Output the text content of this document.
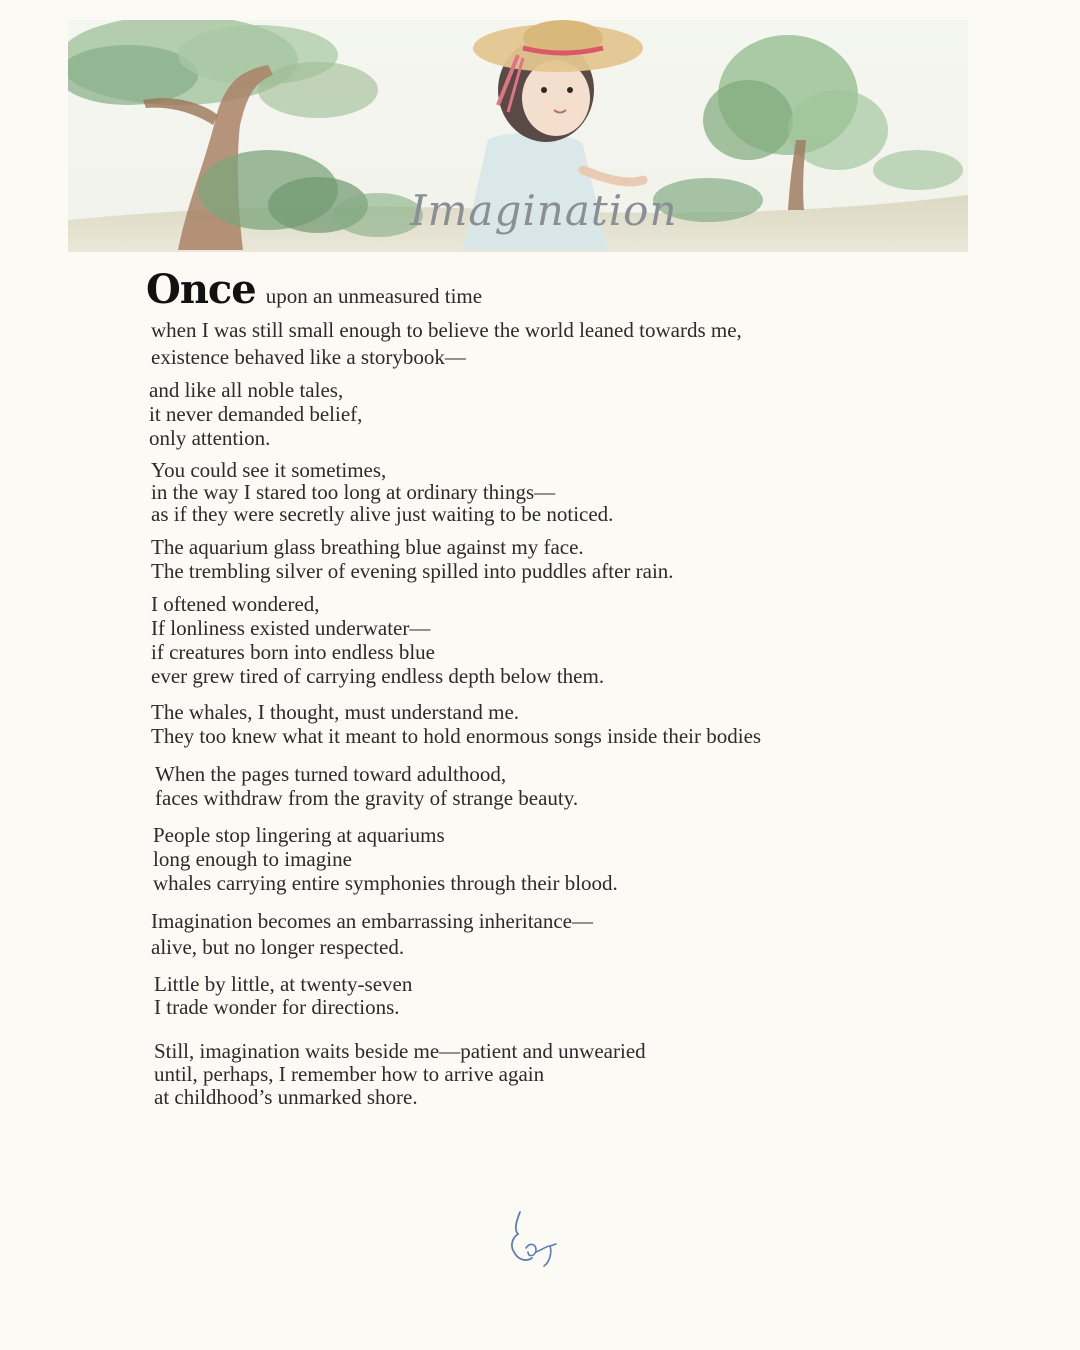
Imagination
Once upon an unmeasured time
when I was still small enough to believe the world leaned towards me,
existence behaved like a storybook—
and like all noble tales,
it never demanded belief,
only attention.
You could see it sometimes,
in the way I stared too long at ordinary things—
as if they were secretly alive just waiting to be noticed.
The aquarium glass breathing blue against my face.
The trembling silver of evening spilled into puddles after rain.
I oftened wondered,
If lonliness existed underwater—
if creatures born into endless blue
ever grew tired of carrying endless depth below them.
The whales, I thought, must understand me.
They too knew what it meant to hold enormous songs inside their bodies
When the pages turned toward adulthood,
faces withdraw from the gravity of strange beauty.
People stop lingering at aquariums
long enough to imagine
whales carrying entire symphonies through their blood.
Imagination becomes an embarrassing inheritance—
alive, but no longer respected.
Little by little, at twenty-seven
I trade wonder for directions.
Still, imagination waits beside me—patient and unwearied
until, perhaps, I remember how to arrive again
at childhood’s unmarked shore.
